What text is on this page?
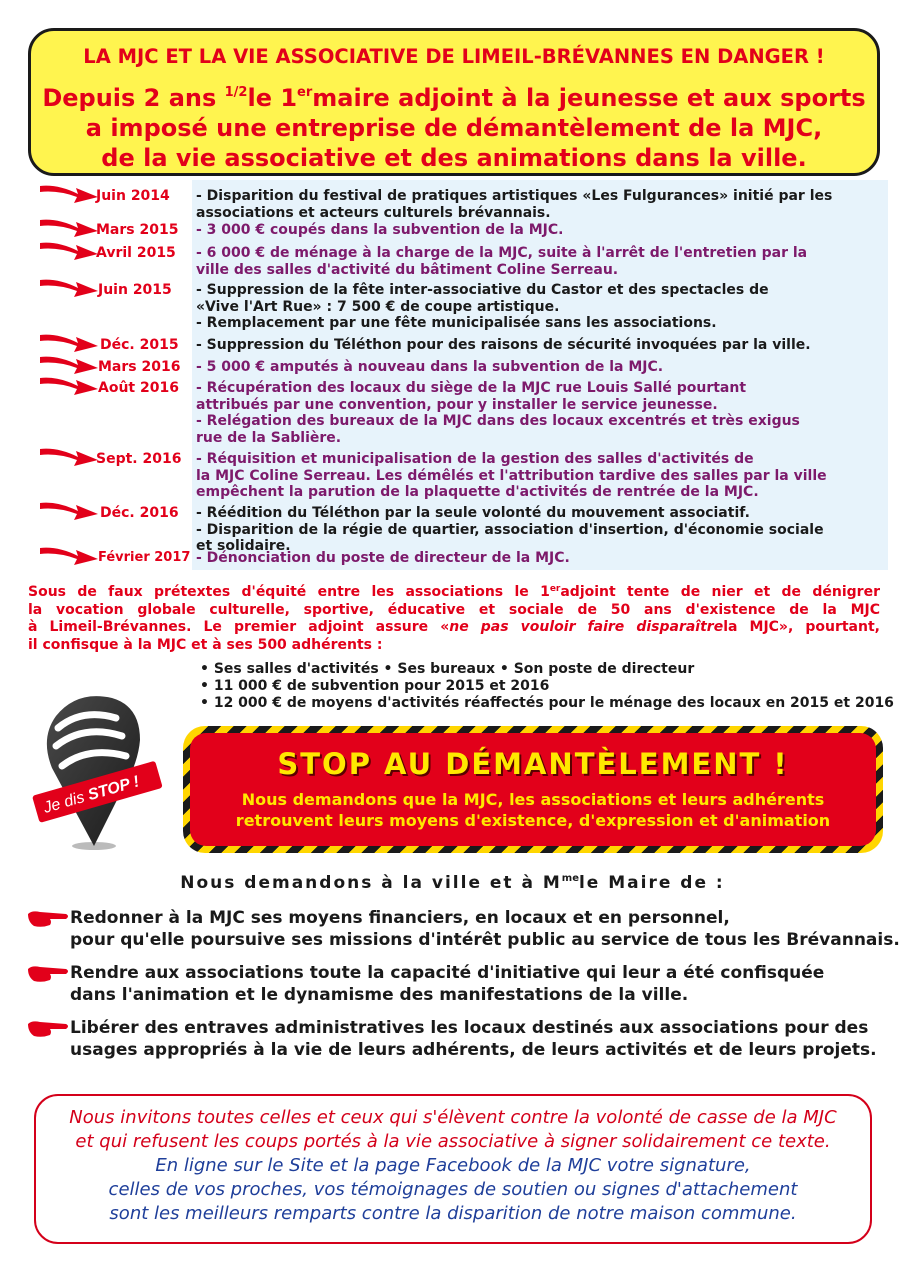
LA MJC ET LA VIE ASSOCIATIVE DE LIMEIL-BRÉVANNES EN DANGER !
Depuis 2 ans $^{1/2}$le 1ermaire adjoint à la jeunesse et aux sports
a imposé une entreprise de démantèlement de la MJC,
de la vie associative et des animations dans la ville.
Juin 2014 - Disparition du festival de pratiques artistiques «Les Fulgurances» initié par les
associations et acteurs culturels brévannais.
Mars 2015 - 3 000 € coupés dans la subvention de la MJC.
Avril 2015 - 6 000 € de ménage à la charge de la MJC, suite à l'arrêt de l'entretien par la
ville des salles d'activité du bâtiment Coline Serreau.
Juin 2015 - Suppression de la fête inter-associative du Castor et des spectacles de
«Vive l'Art Rue» : 7 500 € de coupe artistique.
- Remplacement par une fête municipalisée sans les associations.
Déc. 2015 - Suppression du Téléthon pour des raisons de sécurité invoquées par la ville.
Mars 2016 - 5 000 € amputés à nouveau dans la subvention de la MJC.
Août 2016 - Récupération des locaux du siège de la MJC rue Louis Sallé pourtant
attribués par une convention, pour y installer le service jeunesse.
- Relégation des bureaux de la MJC dans des locaux excentrés et très exigus
rue de la Sablière.
Sept. 2016 - Réquisition et municipalisation de la gestion des salles d'activités de
la MJC Coline Serreau. Les démêlés et l'attribution tardive des salles par la ville
empêchent la parution de la plaquette d'activités de rentrée de la MJC.
Déc. 2016 - Réédition du Téléthon par la seule volonté du mouvement associatif.
- Disparition de la régie de quartier, association d'insertion, d'économie sociale
et solidaire.
Février 2017 - Dénonciation du poste de directeur de la MJC.
Sous de faux prétextes d'équité entre les associations le 1eradjoint tente de nier et de dénigrer
la vocation globale culturelle, sportive, éducative et sociale de 50 ans d'existence de la MJC
à Limeil-Brévannes. Le premier adjoint assure «ne pas vouloir faire disparaîtrela MJC», pourtant,
il confisque à la MJC et à ses 500 adhérents :
• Ses salles d'activités • Ses bureaux • Son poste de directeur
• 11 000 € de subvention pour 2015 et 2016
• 12 000 € de moyens d'activités réaffectés pour le ménage des locaux en 2015 et 2016
Je dis STOP !
STOP AU DÉMANTÈLEMENT !
Nous demandons que la MJC, les associations et leurs adhérents
retrouvent leurs moyens d'existence, d'expression et d'animation
Nous demandons à la ville et à $M^{me}le$ Maire de :
Redonner à la MJC ses moyens financiers, en locaux et en personnel,
pour qu'elle poursuive ses missions d'intérêt public au service de tous les Brévannais.
Rendre aux associations toute la capacité d'initiative qui leur a été confisquée
dans l'animation et le dynamisme des manifestations de la ville.
Libérer des entraves administratives les locaux destinés aux associations pour des
usages appropriés à la vie de leurs adhérents, de leurs activités et de leurs projets.
Nous invitons toutes celles et ceux qui s'élèvent contre la volonté de casse de la MJC
et qui refusent les coups portés à la vie associative à signer solidairement ce texte.
En ligne sur le Site et la page Facebook de la MJC votre signature,
celles de vos proches, vos témoignages de soutien ou signes d'attachement
sont les meilleurs remparts contre la disparition de notre maison commune.
